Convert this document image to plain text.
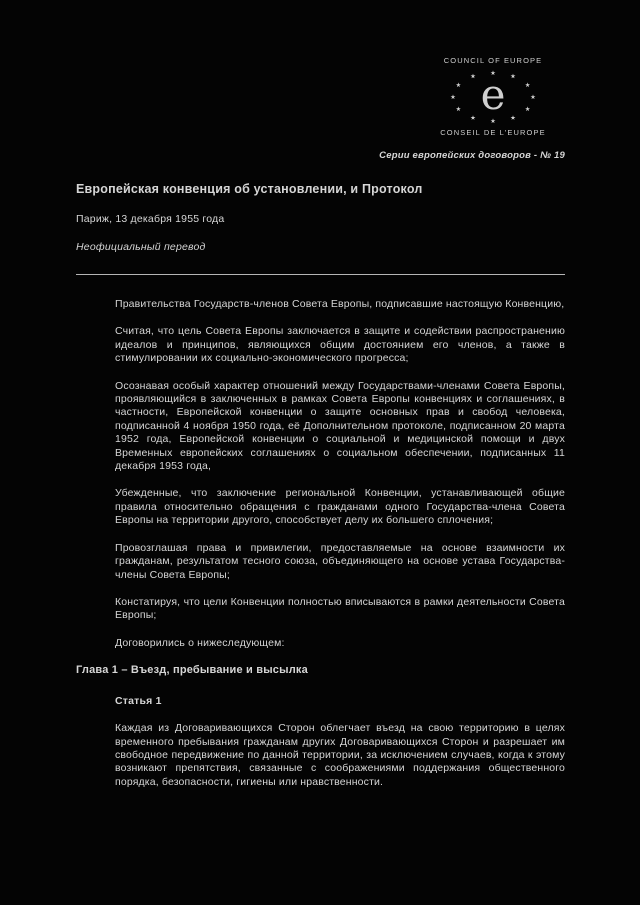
COUNCIL OF EUROPE
e
CONSEIL DE L'EUROPE
Серии европейских договоров - № 19
Европейская конвенция об установлении, и Протокол
Париж, 13 декабря 1955 года
Неофициальный перевод

Правительства Государств-членов Совета Европы, подписавшие настоящую Конвенцию,

Считая, что цель Совета Европы заключается в защите и содействии распространению идеалов и принципов, являющихся общим достоянием его членов, а также в стимулировании их социально-экономического прогресса;

Осознавая особый характер отношений между Государствами-членами Совета Европы, проявляющийся в заключенных в рамках Совета Европы конвенциях и соглашениях, в частности, Европейской конвенции о защите основных прав и свобод человека, подписанной 4 ноября 1950 года, её Дополнительном протоколе, подписанном 20 марта 1952 года, Европейской конвенции о социальной и медицинской помощи и двух Временных европейских соглашениях о социальном обеспечении, подписанных 11 декабря 1953 года,

Убежденные, что заключение региональной Конвенции, устанавливающей общие правила относительно обращения с гражданами одного Государства-члена Совета Европы на территории другого, способствует делу их большего сплочения;

Провозглашая права и привилегии, предоставляемые на основе взаимности их гражданам, результатом тесного союза, объединяющего на основе устава Государства-члены Совета Европы;

Констатируя, что цели Конвенции полностью вписываются в рамки деятельности Совета Европы;

Договорились о нижеследующем:

Глава 1 – Въезд, пребывание и высылка
Статья 1

Каждая из Договаривающихся Сторон облегчает въезд на свою территорию в целях временного пребывания гражданам других Договаривающихся Сторон и разрешает им свободное передвижение по данной территории, за исключением случаев, когда к этому возникают препятствия, связанные с соображениями поддержания общественного порядка, безопасности, гигиены или нравственности.
